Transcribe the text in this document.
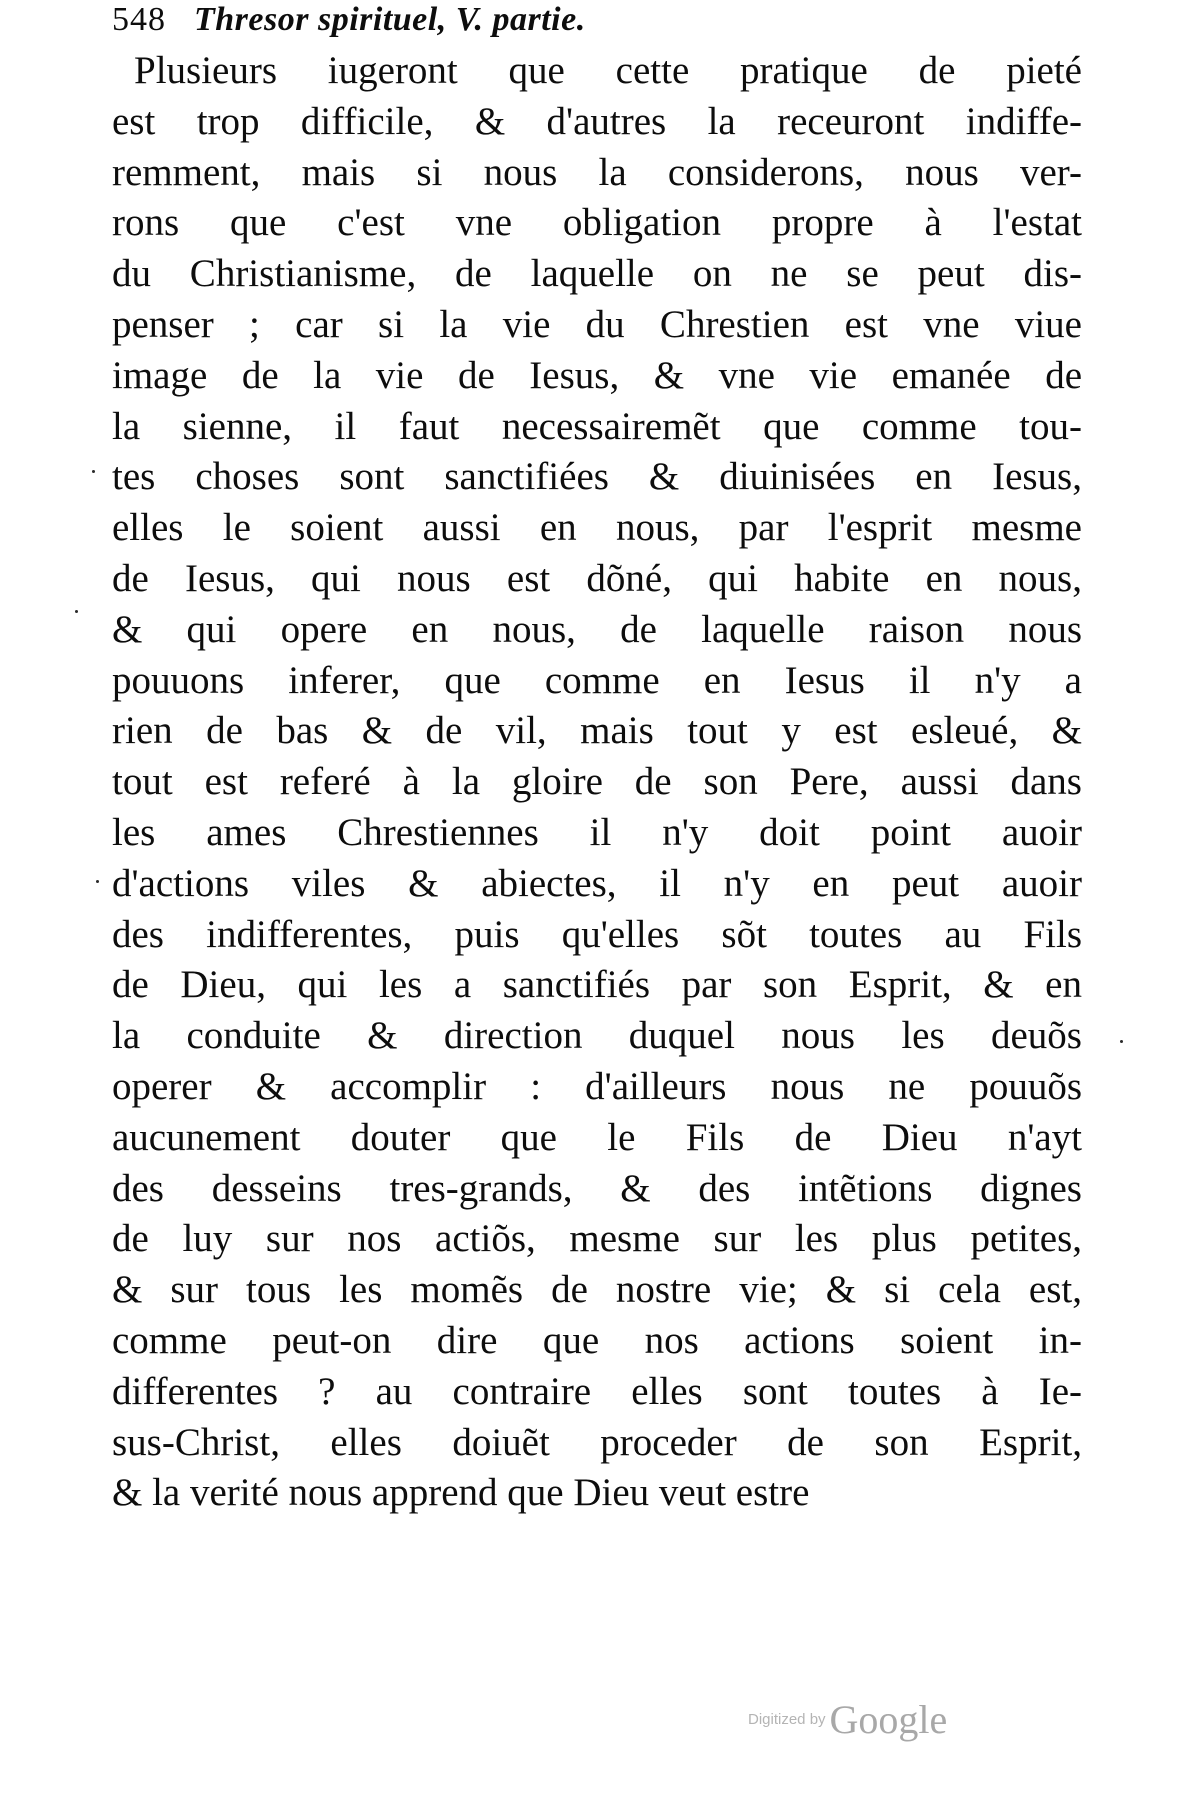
548 Thresor spirituel, V. partie.
Plusieurs iugeront que cette pratique de pieté
est trop difficile, & d'autres la receuront indiffe-
remment, mais si nous la considerons, nous ver-
rons que c'est vne obligation propre à l'estat
du Christianisme, de laquelle on ne se peut dis-
penser ; car si la vie du Chrestien est vne viue
image de la vie de Iesus, & vne vie emanée de
la sienne, il faut necessairemẽt que comme tou-
tes choses sont sanctifiées & diuinisées en Iesus,
elles le soient aussi en nous, par l'esprit mesme
de Iesus, qui nous est dõné, qui habite en nous,
& qui opere en nous, de laquelle raison nous
pouuons inferer, que comme en Iesus il n'y a
rien de bas & de vil, mais tout y est esleué, &
tout est referé à la gloire de son Pere, aussi dans
les ames Chrestiennes il n'y doit point auoir
d'actions viles & abiectes, il n'y en peut auoir
des indifferentes, puis qu'elles sõt toutes au Fils
de Dieu, qui les a sanctifiés par son Esprit, & en
la conduite & direction duquel nous les deuõs
operer & accomplir : d'ailleurs nous ne pouuõs
aucunement douter que le Fils de Dieu n'ayt
des desseins tres-grands, & des intẽtions dignes
de luy sur nos actiõs, mesme sur les plus petites,
& sur tous les momẽs de nostre vie; & si cela est,
comme peut-on dire que nos actions soient in-
differentes ? au contraire elles sont toutes à Ie-
sus-Christ, elles doiuẽt proceder de son Esprit,
& la verité nous apprend que Dieu veut estre
Digitized by Google
